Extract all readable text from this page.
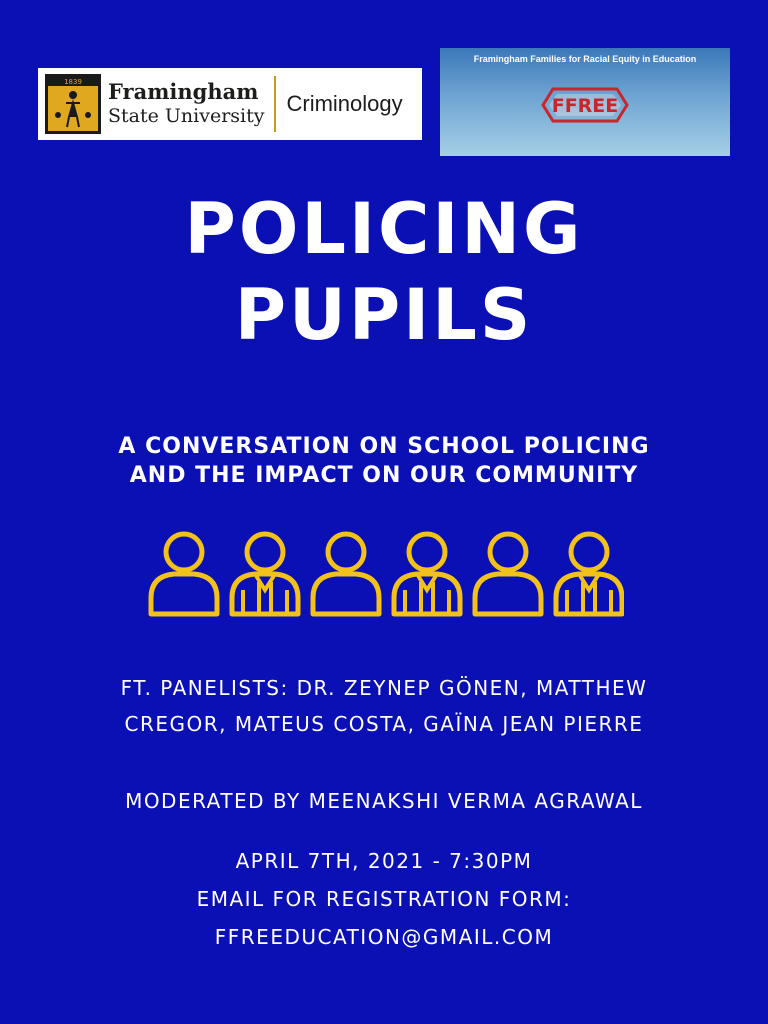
1839 Framingham
State University
Criminology
Framingham Families for Racial Equity in Education
FFREE
POLICING
PUPILS
A CONVERSATION ON SCHOOL POLICING
AND THE IMPACT ON OUR COMMUNITY
FT. PANELISTS: DR. ZEYNEP GÖNEN, MATTHEW
CREGOR, MATEUS COSTA, GAÏNA JEAN PIERRE
MODERATED BY MEENAKSHI VERMA AGRAWAL
APRIL 7TH, 2021 - 7:30PM
EMAIL FOR REGISTRATION FORM:
FFREEDUCATION@GMAIL.COM
